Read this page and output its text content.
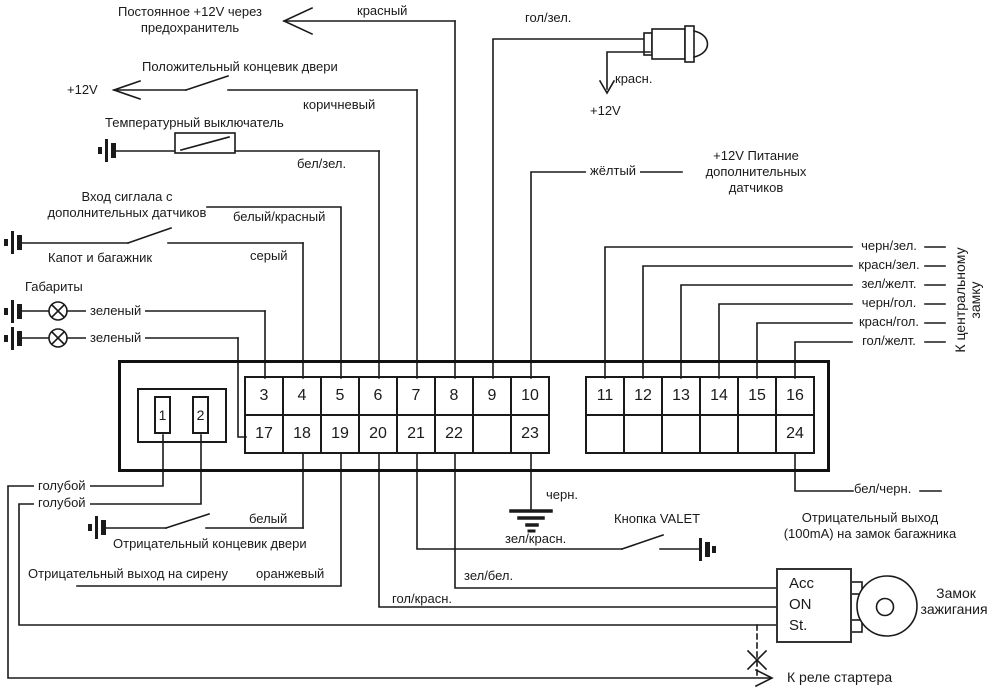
1	2
3	4	5	6	7	8	9	10
17	18	19	20	21	22		23
11	12	13	14	15	16
					24
Acc
ON
St.
Постоянное +12V через
предохранитель
красный
Положительный концевик двери
+12V
коричневый
Температурный выключатель
бел/зел.
Вход сиглала с
дополнительных датчиков	белый/красный
Капот и багажник	серый
Габариты
зеленый
зеленый
гол/зел.
красн.
+12V
жёлтый
+12V Питание
дополнительных
датчиков
черн/зел.
красн/зел.
зел/желт.
черн/гол.
красн/гол.
гол/желт.	К центральному замку
голубой
голубой
белый
Отрицательный концевик двери
Отрицательный выход на сирену оранжевый
черн.
зел/красн.
Кнопка VALET
зел/бел.
гол/красн.
бел/черн.
Отрицательный выход
(100mA) на замок багажника
Замок
зажигания
К реле стартера
